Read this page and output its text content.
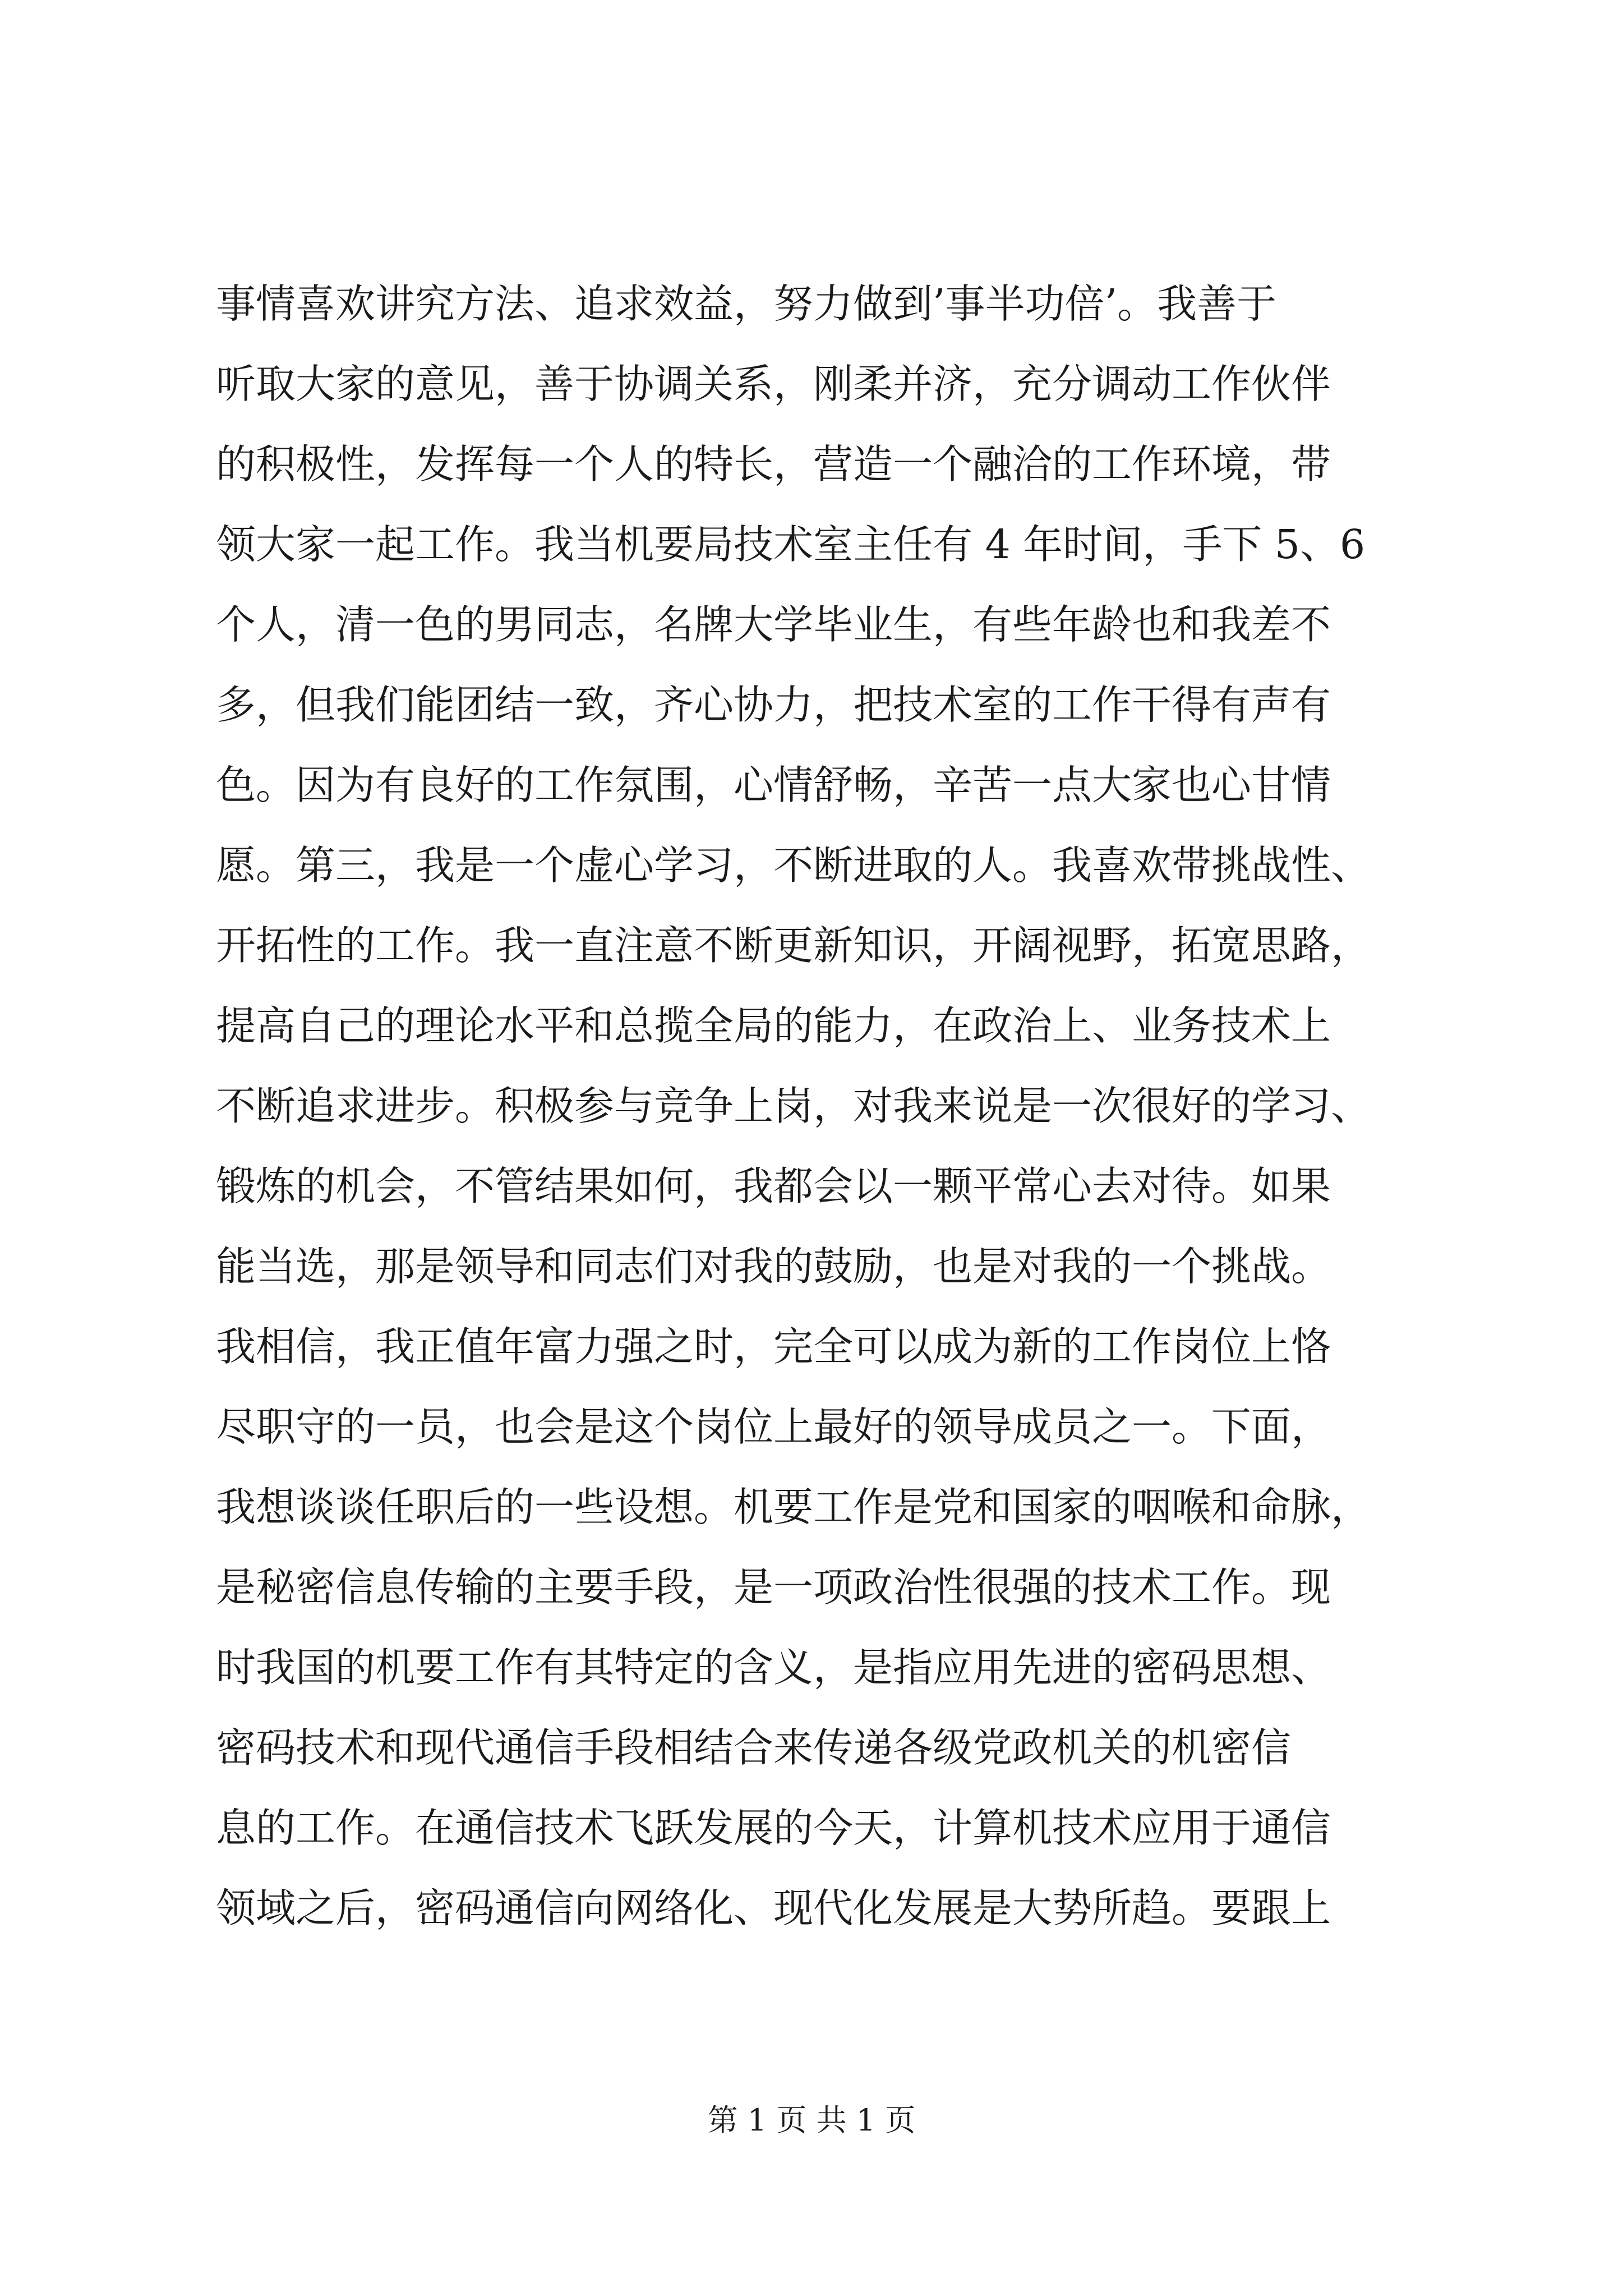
事情喜欢讲究方法、追求效益，努力做到’事半功倍’。我善于
听取大家的意见，善于协调关系，刚柔并济，充分调动工作伙伴
的积极性，发挥每一个人的特长，营造一个融洽的工作环境，带
领大家一起工作。我当机要局技术室主任有 4 年时间，手下 5、6
个人，清一色的男同志，名牌大学毕业生，有些年龄也和我差不
多，但我们能团结一致，齐心协力，把技术室的工作干得有声有
色。因为有良好的工作氛围，心情舒畅，辛苦一点大家也心甘情
愿。第三，我是一个虚心学习，不断进取的人。我喜欢带挑战性、
开拓性的工作。我一直注意不断更新知识，开阔视野，拓宽思路，
提高自己的理论水平和总揽全局的能力，在政治上、业务技术上
不断追求进步。积极参与竞争上岗，对我来说是一次很好的学习、
锻炼的机会，不管结果如何，我都会以一颗平常心去对待。如果
能当选，那是领导和同志们对我的鼓励，也是对我的一个挑战。
我相信，我正值年富力强之时，完全可以成为新的工作岗位上恪
尽职守的一员，也会是这个岗位上最好的领导成员之一。下面，
我想谈谈任职后的一些设想。机要工作是党和国家的咽喉和命脉，
是秘密信息传输的主要手段，是一项政治性很强的技术工作。现
时我国的机要工作有其特定的含义，是指应用先进的密码思想、
密码技术和现代通信手段相结合来传递各级党政机关的机密信
息的工作。在通信技术飞跃发展的今天，计算机技术应用于通信
领域之后，密码通信向网络化、现代化发展是大势所趋。要跟上
第 1 页 共 1 页
